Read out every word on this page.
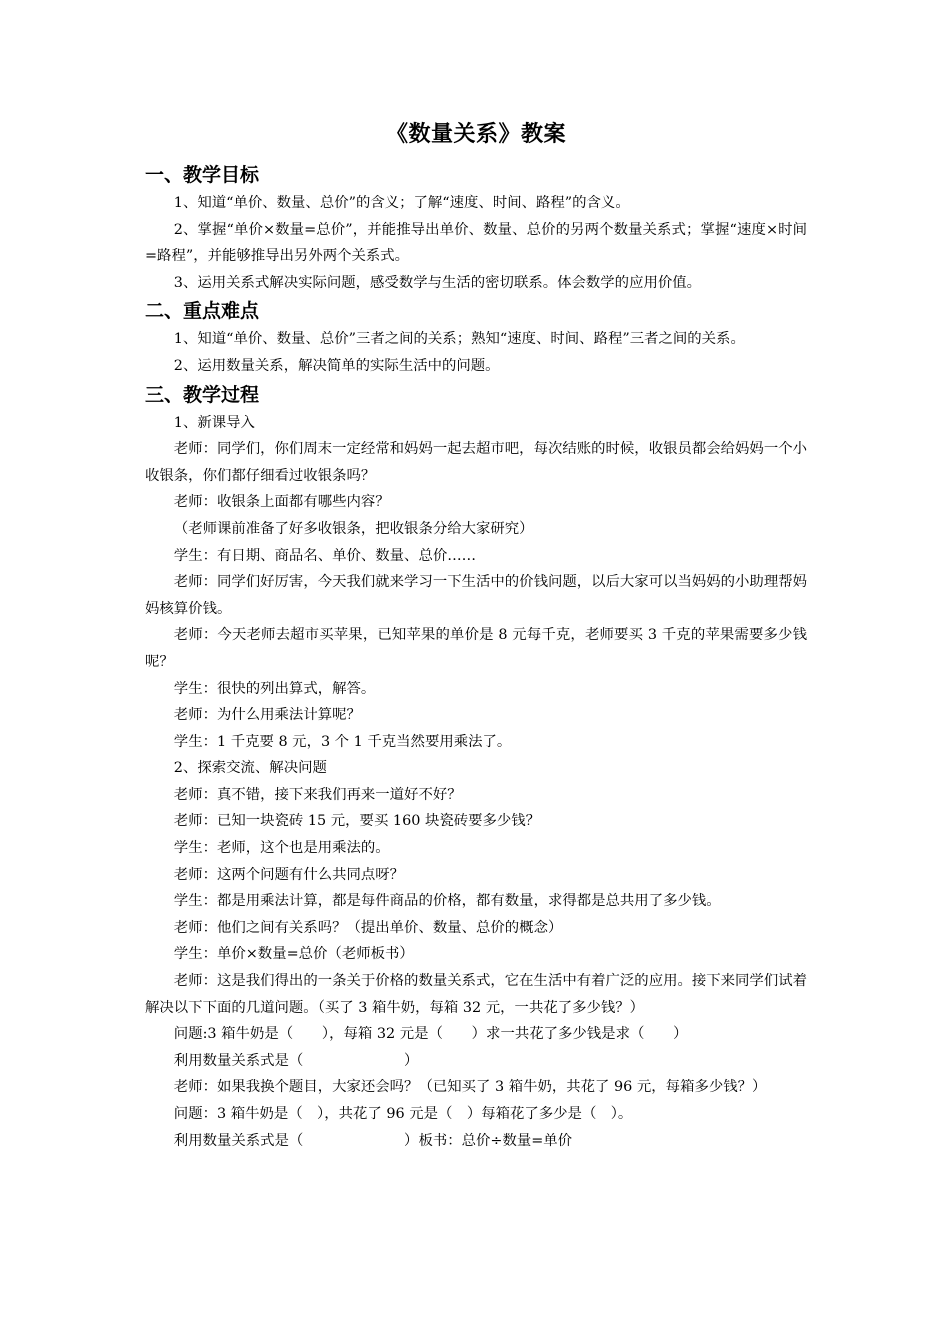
《数量关系》教案
一、教学目标

1、知道“单价、数量、总价”的含义；了解“速度、时间、路程”的含义。

2、掌握“单价×数量=总价”，并能推导出单价、数量、总价的另两个数量关系式；掌握“速度×时间=路程”，并能够推导出另外两个关系式。

3、运用关系式解决实际问题，感受数学与生活的密切联系。体会数学的应用价值。

二、重点难点

1、知道“单价、数量、总价”三者之间的关系；熟知“速度、时间、路程”三者之间的关系。

2、运用数量关系，解决简单的实际生活中的问题。

三、教学过程

1、新课导入

老师：同学们，你们周末一定经常和妈妈一起去超市吧，每次结账的时候，收银员都会给妈妈一个小收银条，你们都仔细看过收银条吗？

老师：收银条上面都有哪些内容？

（老师课前准备了好多收银条，把收银条分给大家研究）

学生：有日期、商品名、单价、数量、总价……

老师：同学们好厉害，今天我们就来学习一下生活中的价钱问题，以后大家可以当妈妈的小助理帮妈妈核算价钱。

老师：今天老师去超市买苹果，已知苹果的单价是 8 元每千克，老师要买 3 千克的苹果需要多少钱呢？

学生：很快的列出算式，解答。

老师：为什么用乘法计算呢？

学生：1 千克要 8 元，3 个 1 千克当然要用乘法了。

2、探索交流、解决问题

老师：真不错，接下来我们再来一道好不好？

老师：已知一块瓷砖 15 元，要买 160 块瓷砖要多少钱？

学生：老师，这个也是用乘法的。

老师：这两个问题有什么共同点呀？

学生：都是用乘法计算，都是每件商品的价格，都有数量，求得都是总共用了多少钱。

老师：他们之间有关系吗？（提出单价、数量、总价的概念）

学生：单价×数量=总价（老师板书）

老师：这是我们得出的一条关于价格的数量关系式，它在生活中有着广泛的应用。接下来同学们试着解决以下下面的几道问题。（买了 3 箱牛奶，每箱 32 元，一共花了多少钱？）

问题:3 箱牛奶是（　　），每箱 32 元是（　　）求一共花了多少钱是求（　　）

利用数量关系式是（　　　　　　　）

老师：如果我换个题目，大家还会吗？（已知买了 3 箱牛奶，共花了 96 元，每箱多少钱？）

问题：3 箱牛奶是（　），共花了 96 元是（　）每箱花了多少是（　）。

利用数量关系式是（　　　　　　　）板书：总价÷数量=单价
